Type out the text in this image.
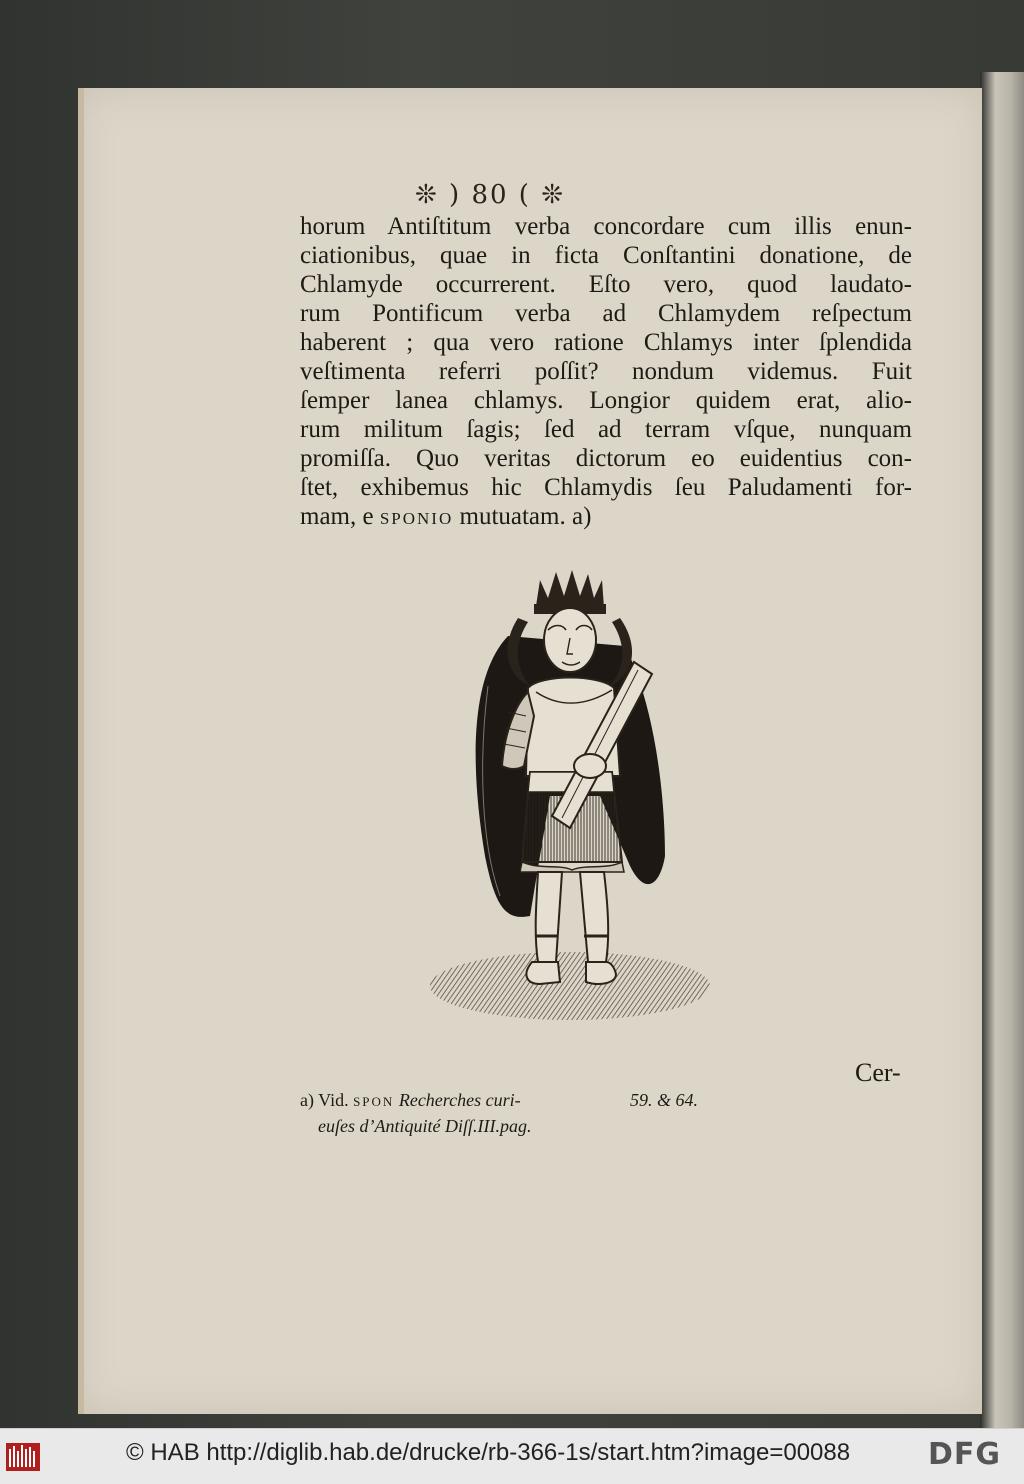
❊ ) 80 ( ❊
horum Antiſtitum verba concordare cum illis enun-
ciationibus, quae in ficta Conſtantini donatione, de
Chlamyde occurrerent. Eſto vero, quod laudato-
rum Pontificum verba ad Chlamydem reſpectum
haberent ; qua vero ratione Chlamys inter ſplendida
veſtimenta referri poſſit? nondum videmus. Fuit
ſemper lanea chlamys. Longior quidem erat, alio-
rum militum ſagis; ſed ad terram vſque, nunquam
promiſſa. Quo veritas dictorum eo euidentius con-
ſtet, exhibemus hic Chlamydis ſeu Paludamenti for-
mam, e SPONIO mutuatam. a)
Cer-
a) Vid. SPON Recherches curi-
euſes d’Antiquité Diſſ.III.pag.
59. & 64.
© HAB http://diglib.hab.de/drucke/rb-366-1s/start.htm?image=00088	DFG
